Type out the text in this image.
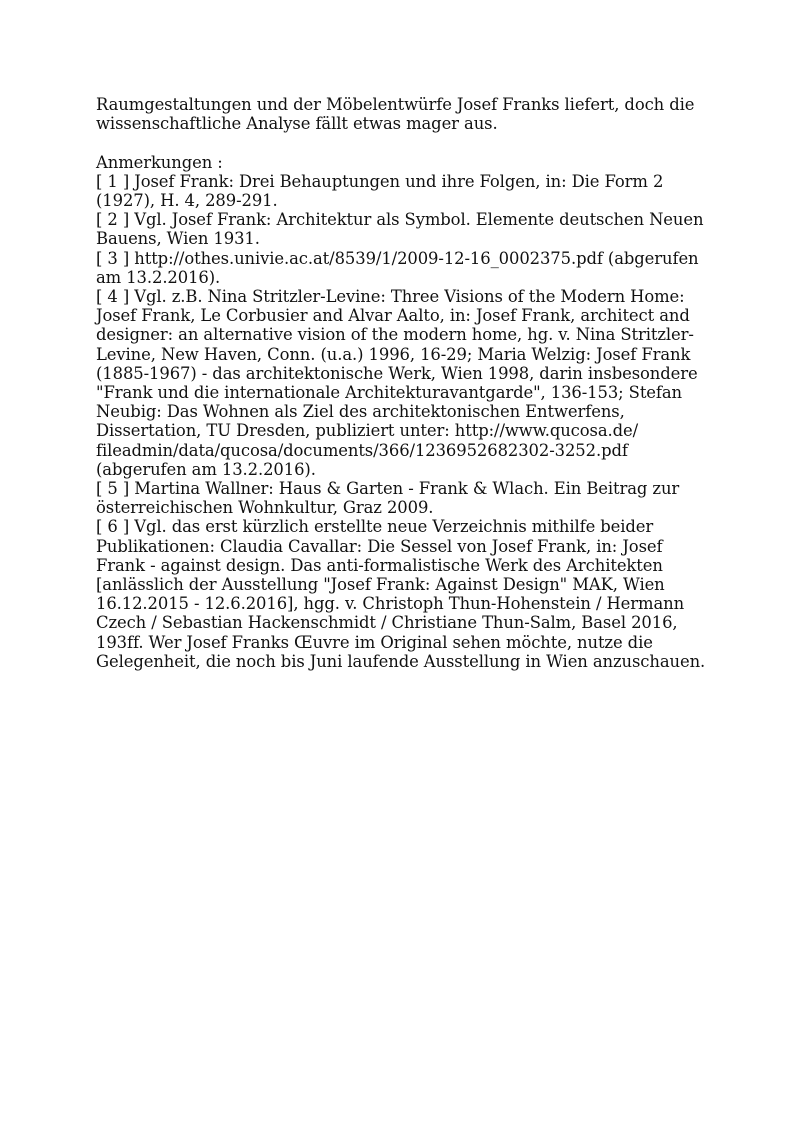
Raumgestaltungen und der Möbelentwürfe Josef Franks liefert, doch die wissenschaftliche Analyse fällt etwas mager aus.

Anmerkungen :

[ 1 ] Josef Frank: Drei Behauptungen und ihre Folgen, in: Die Form 2 (1927), H. 4, 289-291.

[ 2 ] Vgl. Josef Frank: Architektur als Symbol. Elemente deutschen Neuen Bauens, Wien 1931.

[ 3 ] http://othes.univie.ac.at/8539/1/2009-12-16_0002375.pdf (abgerufen am 13.2.2016).

[ 4 ] Vgl. z.B. Nina Stritzler-Levine: Three Visions of the Modern Home: Josef Frank, Le Corbusier and Alvar Aalto, in: Josef Frank, architect and designer: an alternative vision of the modern home, hg. v. Nina Stritzler-Levine, New Haven, Conn. (u.a.) 1996, 16-29; Maria Welzig: Josef Frank (1885-1967) - das architektonische Werk, Wien 1998, darin insbesondere "Frank und die internationale Architekturavantgarde", 136-153; Stefan Neubig: Das Wohnen als Ziel des architektonischen Entwerfens, Dissertation, TU Dresden, publiziert unter: http://www.qucosa.de/ fileadmin/data/qucosa/documents/366/1236952682302-3252.pdf (abgerufen am 13.2.2016).

[ 5 ] Martina Wallner: Haus & Garten - Frank & Wlach. Ein Beitrag zur österreichischen Wohnkultur, Graz 2009.

[ 6 ] Vgl. das erst kürzlich erstellte neue Verzeichnis mithilfe beider Publikationen: Claudia Cavallar: Die Sessel von Josef Frank, in: Josef Frank - against design. Das anti-formalistische Werk des Architekten [anlässlich der Ausstellung "Josef Frank: Against Design" MAK, Wien 16.12.2015 - 12.6.2016], hgg. v. Christoph Thun-Hohenstein / Hermann Czech / Sebastian Hackenschmidt / Christiane Thun-Salm, Basel 2016, 193ff. Wer Josef Franks Œuvre im Original sehen möchte, nutze die Gelegenheit, die noch bis Juni laufende Ausstellung in Wien anzuschauen.
